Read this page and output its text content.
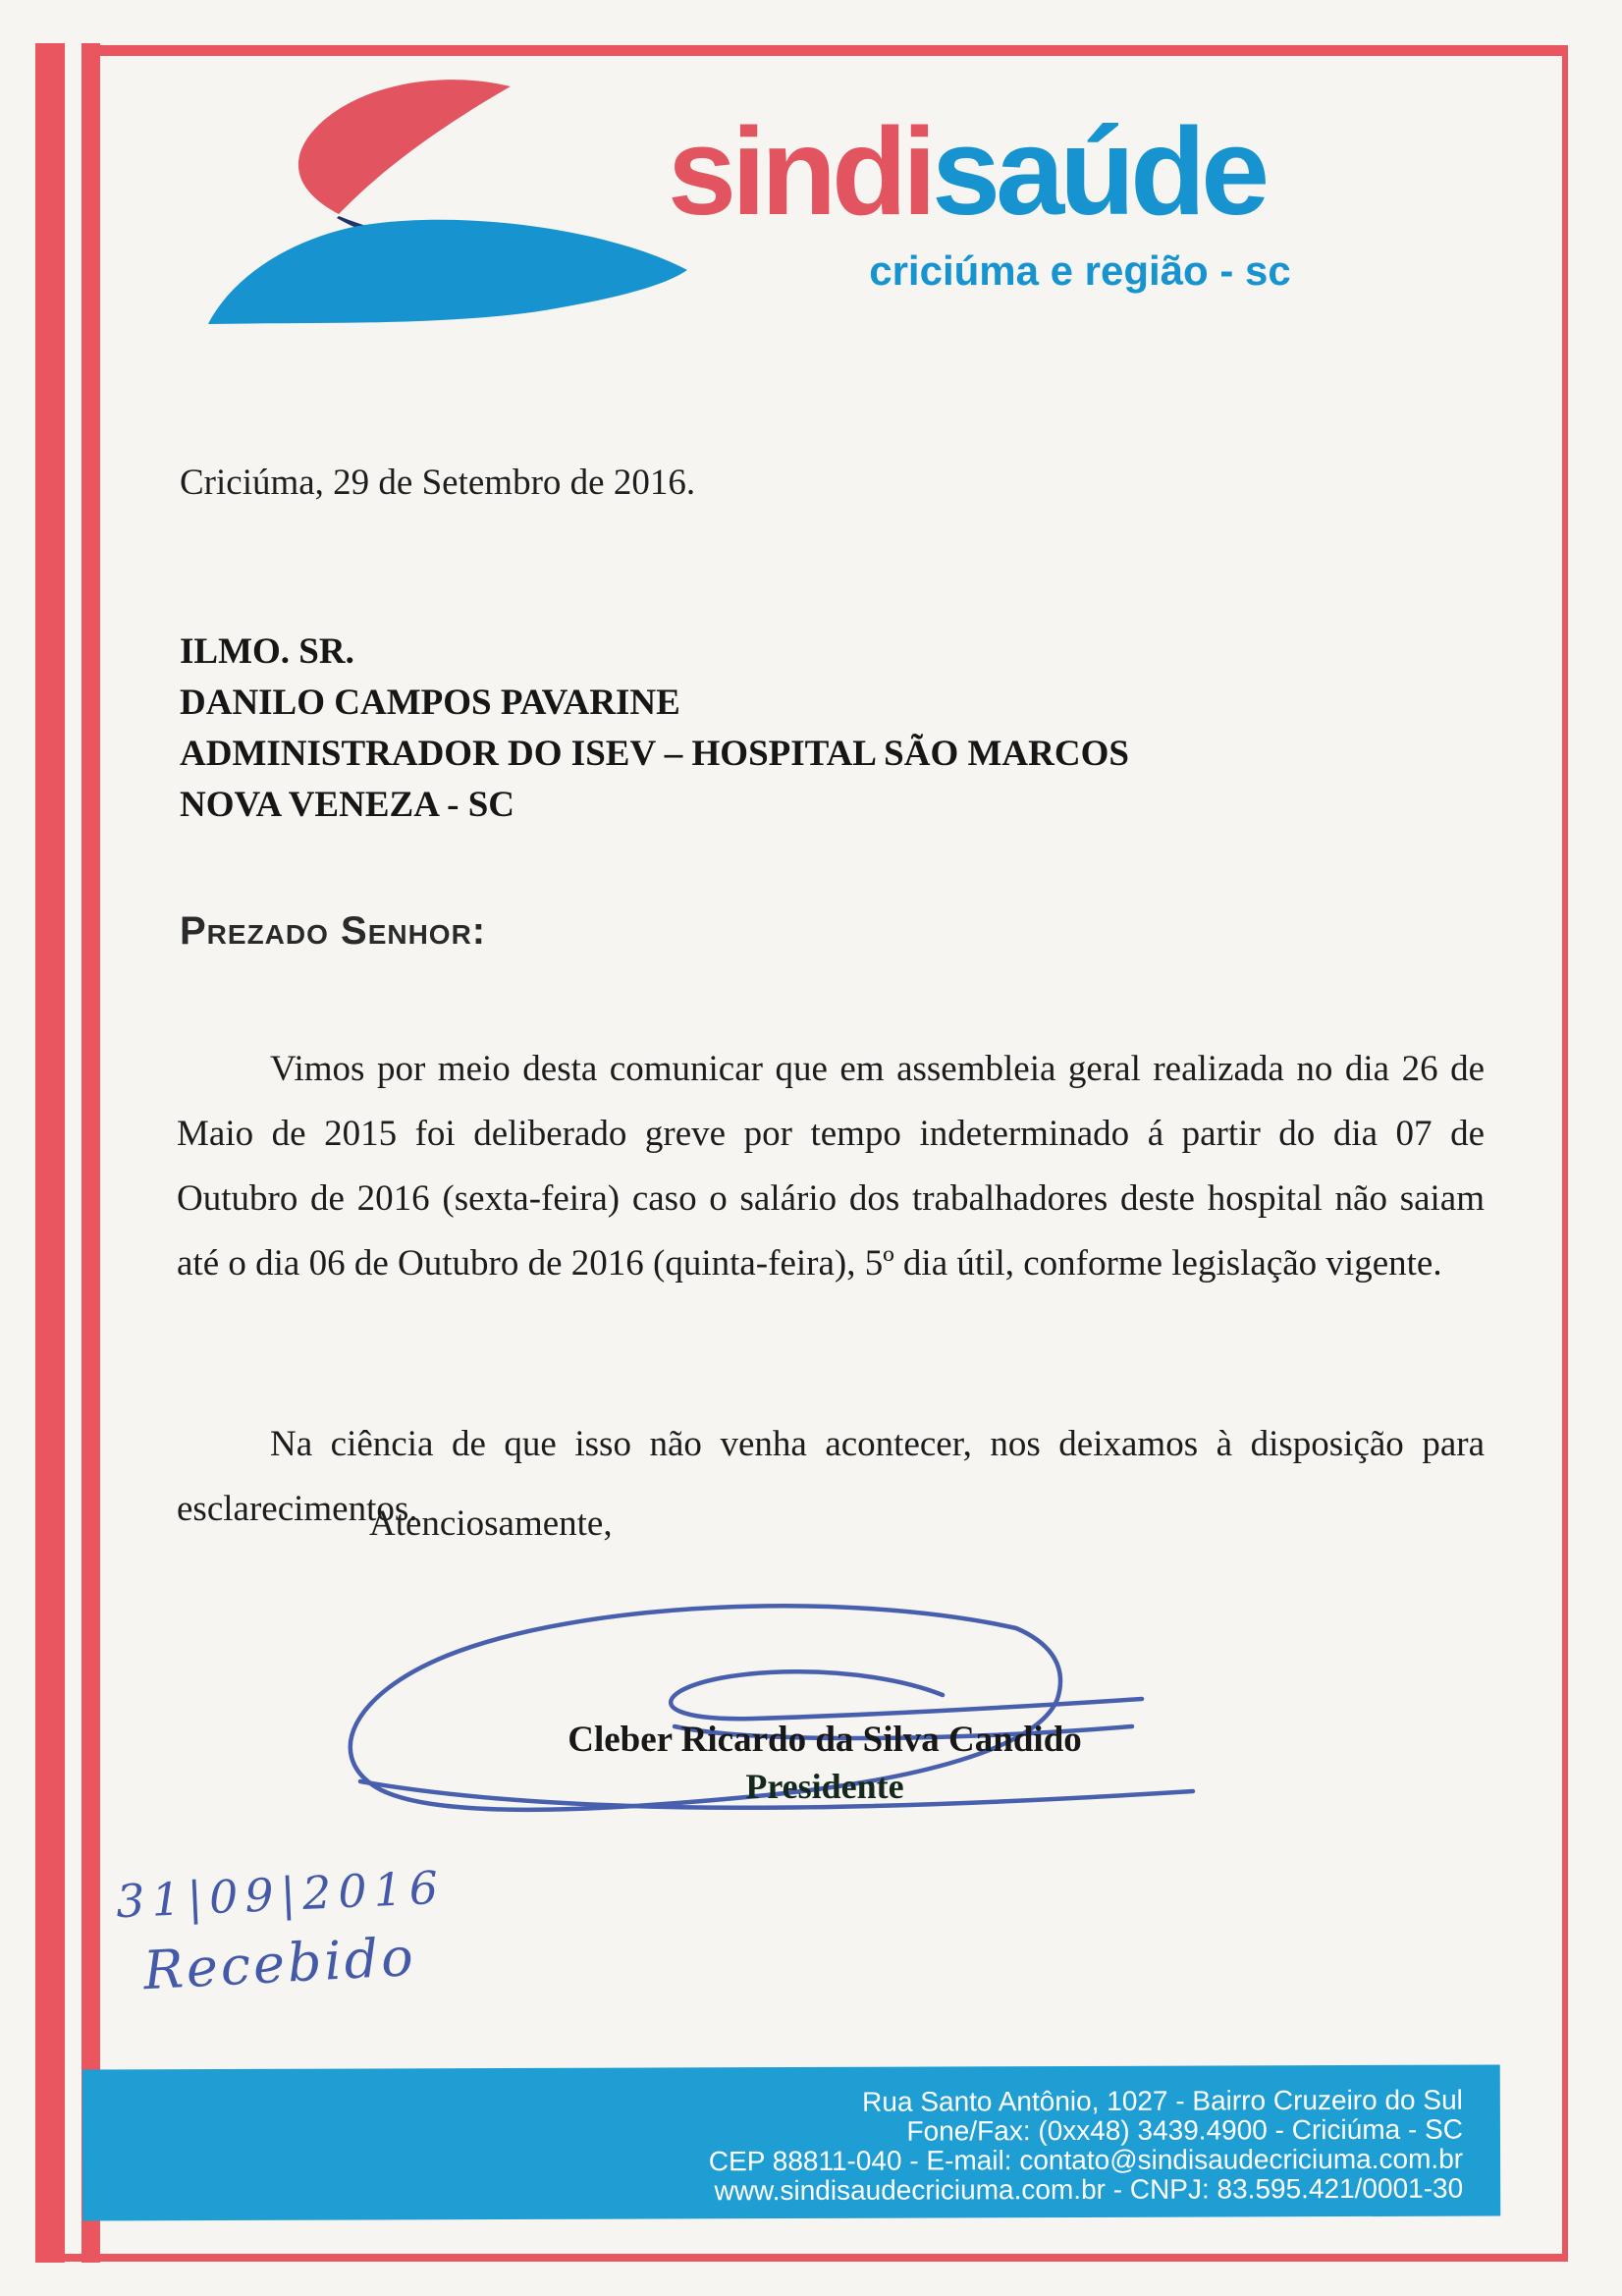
sindisaúde
criciúma e região - sc
Criciúma, 29 de Setembro de 2016.
ILMO. SR.
DANILO CAMPOS PAVARINE
ADMINISTRADOR DO ISEV – HOSPITAL SÃO MARCOS
NOVA VENEZA - SC
Prezado Senhor:

Vimos por meio desta comunicar que em assembleia geral realizada no dia 26 de Maio de 2015 foi deliberado greve por tempo indeterminado á partir do dia 07 de Outubro de 2016 (sexta-feira) caso o salário dos trabalhadores deste hospital não saiam até o dia 06 de Outubro de 2016 (quinta-feira), 5º dia útil, conforme legislação vigente.

Na ciência de que isso não venha acontecer, nos deixamos à disposição para esclarecimentos.

Atenciosamente,
Cleber Ricardo da Silva Candido
Presidente
31|09|2016
Recebido
Rua Santo Antônio, 1027 - Bairro Cruzeiro do Sul
Fone/Fax: (0xx48) 3439.4900 - Criciúma - SC
CEP 88811-040 - E-mail: contato@sindisaudecriciuma.com.br
www.sindisaudecriciuma.com.br - CNPJ: 83.595.421/0001-30
